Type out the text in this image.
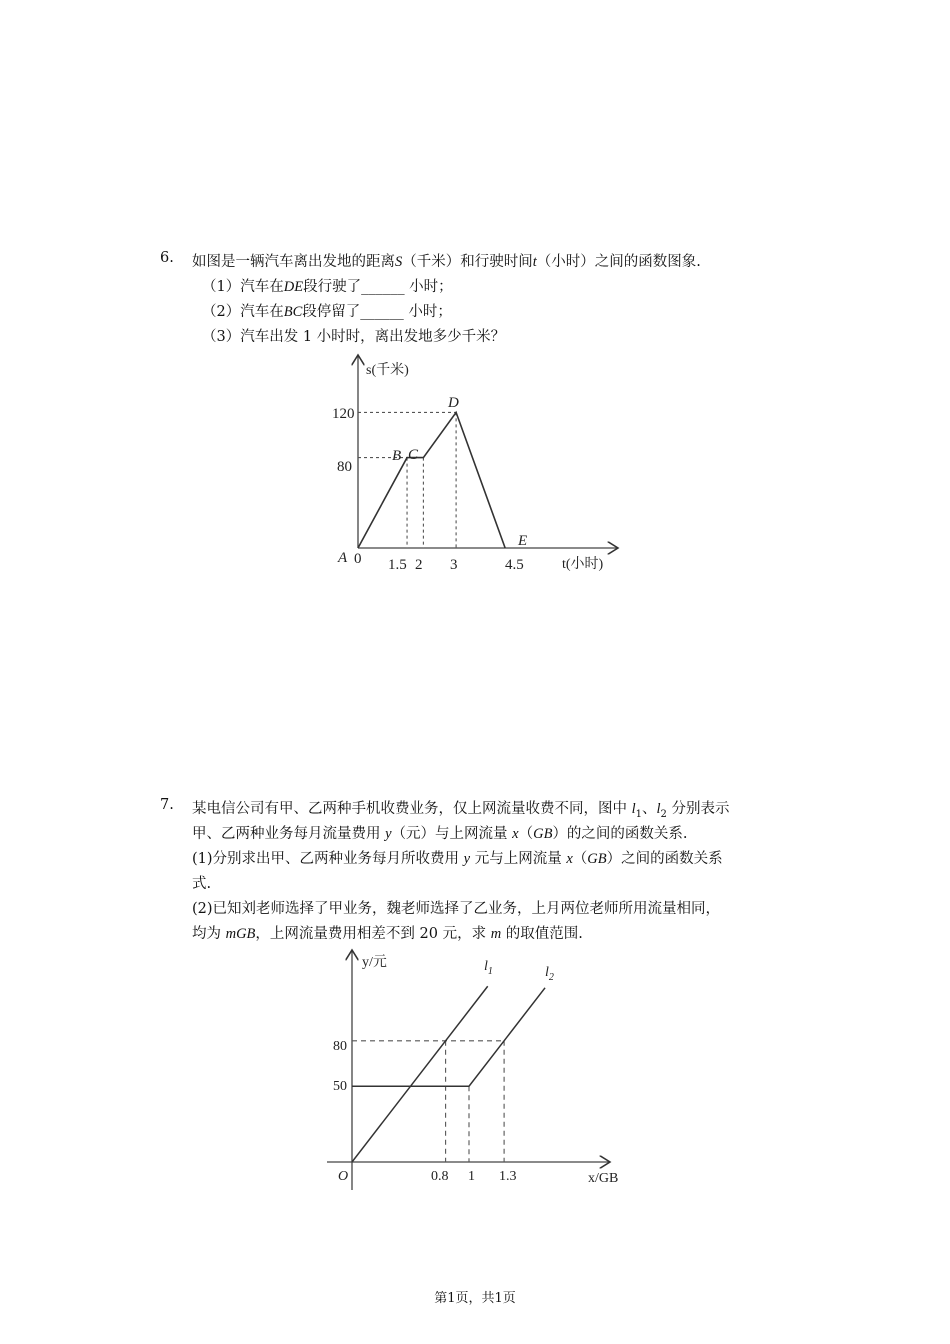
6. 如图是一辆汽车离出发地的距离S（千米）和行驶时间t（小时）之间的函数图象.
（1）汽车在DE段行驶了______ 小时；
（2）汽车在BC段停留了______ 小时；
（3）汽车出发 1 小时时，离出发地多少千米？
s(千米)
t(小时)
A 0
B C
D
E
120
80
1.5 2 3	4.5
y/元
x/GB
O
$l_1$	$l_2$
80
50
0.8 1 1.3
7. 某电信公司有甲、乙两种手机收费业务，仅上网流量收费不同，图中 $l_1$、$l_2$ 分别表示
甲、乙两种业务每月流量费用 y（元）与上网流量 x（GB）的之间的函数关系.
(1)分别求出甲、乙两种业务每月所收费用 y 元与上网流量 x（GB）之间的函数关系
式.
(2)已知刘老师选择了甲业务，魏老师选择了乙业务，上月两位老师所用流量相同，
均为 mGB，上网流量费用相差不到 20 元，求 m 的取值范围.
第1页，共1页
